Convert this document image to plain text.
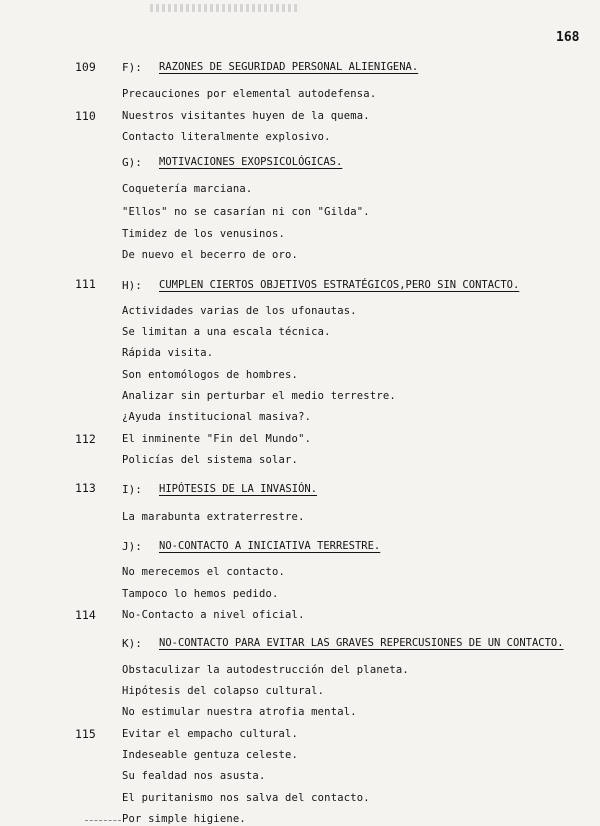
168
109 F): RAZONES DE SEGURIDAD PERSONAL ALIENIGENA.
Precauciones por elemental autodefensa.
110 Nuestros visitantes huyen de la quema.
Contacto literalmente explosivo.
G): MOTIVACIONES EXOPSICOLÓGICAS.
Coquetería marciana.
"Ellos" no se casarían ni con "Gilda".
Timidez de los venusinos.
De nuevo el becerro de oro.
111 H): CUMPLEN CIERTOS OBJETIVOS ESTRATÉGICOS,PERO SIN CONTACTO.
Actividades varias de los ufonautas.
Se limitan a una escala técnica.
Rápida visita.
Son entomólogos de hombres.
Analizar sin perturbar el medio terrestre.
¿Ayuda institucional masiva?.
112 El inminente "Fin del Mundo".
Policías del sistema solar.
113 I): HIPÓTESIS DE LA INVASIÓN.
La marabunta extraterrestre.
J): NO-CONTACTO A INICIATIVA TERRESTRE.
No merecemos el contacto.
Tampoco lo hemos pedido.
114 No-Contacto a nivel oficial.
K): NO-CONTACTO PARA EVITAR LAS GRAVES REPERCUSIONES DE UN CONTACTO.
Obstaculizar la autodestrucción del planeta.
Hipótesis del colapso cultural.
No estimular nuestra atrofia mental.
115 Evitar el empacho cultural.
Indeseable gentuza celeste.
Su fealdad nos asusta.
El puritanismo nos salva del contacto.
Por simple higiene.
